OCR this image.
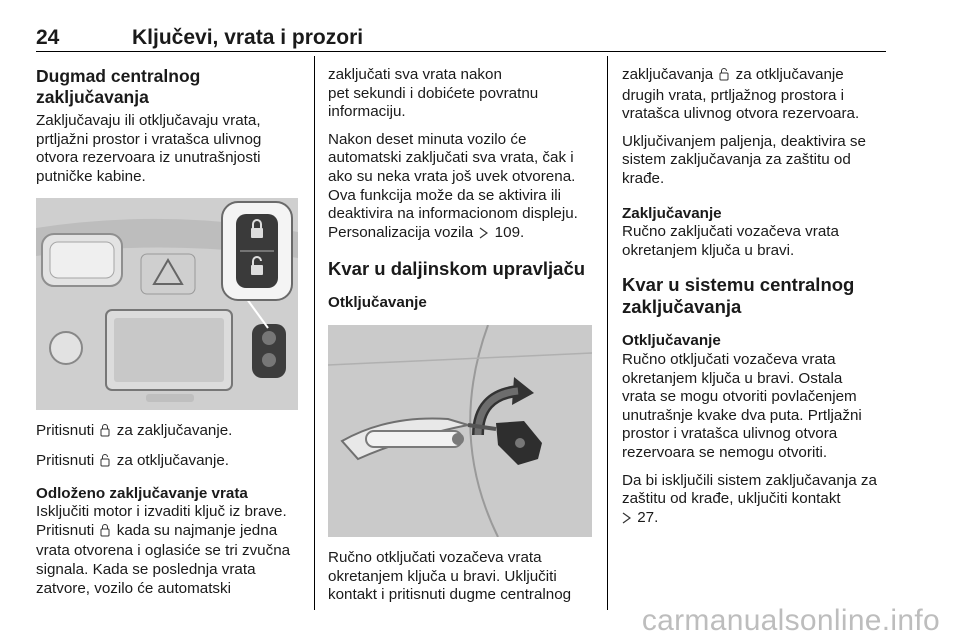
24	Ključevi, vrata i prozori
Dugmad centralnog
zaključavanja

Zaključavaju ili otključavaju vrata,
prtljažni prostor i vratašca ulivnog
otvora rezervoara iz unutrašnjosti
putničke kabine.

Pritisnuti za zaključavanje.

Pritisnuti za otključavanje.

Odloženo zaključavanje vrata

Isključiti motor i izvaditi ključ iz brave.
Pritisnuti kada su najmanje jedna
vrata otvorena i oglasiće se tri zvučna
signala. Kada se poslednja vrata
zatvore, vozilo će automatski

zaključati sva vrata nakon
pet sekundi i dobićete povratnu
informaciju.

Nakon deset minuta vozilo će
automatski zaključati sva vrata, čak i
ako su neka vrata još uvek otvorena.
Ova funkcija može da se aktivira ili
deaktivira na informacionom displeju.
Personalizacija vozila 109.

Kvar u daljinskom upravljaču
Otključavanje

Ručno otključati vozačeva vrata
okretanjem ključa u bravi. Uključiti
kontakt i pritisnuti dugme centralnog

zaključavanja za otključavanje
drugih vrata, prtljažnog prostora i
vratašca ulivnog otvora rezervoara.

Uključivanjem paljenja, deaktivira se
sistem zaključavanja za zaštitu od
krađe.

Zaključavanje

Ručno zaključati vozačeva vrata
okretanjem ključa u bravi.

Kvar u sistemu centralnog
zaključavanja
Otključavanje

Ručno otključati vozačeva vrata
okretanjem ključa u bravi. Ostala
vrata se mogu otvoriti povlačenjem
unutrašnje kvake dva puta. Prtljažni
prostor i vratašca ulivnog otvora
rezervoara se nemogu otvoriti.

Da bi isključili sistem zaključavanja za
zaštitu od krađe, uključiti kontakt
27.

carmanualsonline.info
